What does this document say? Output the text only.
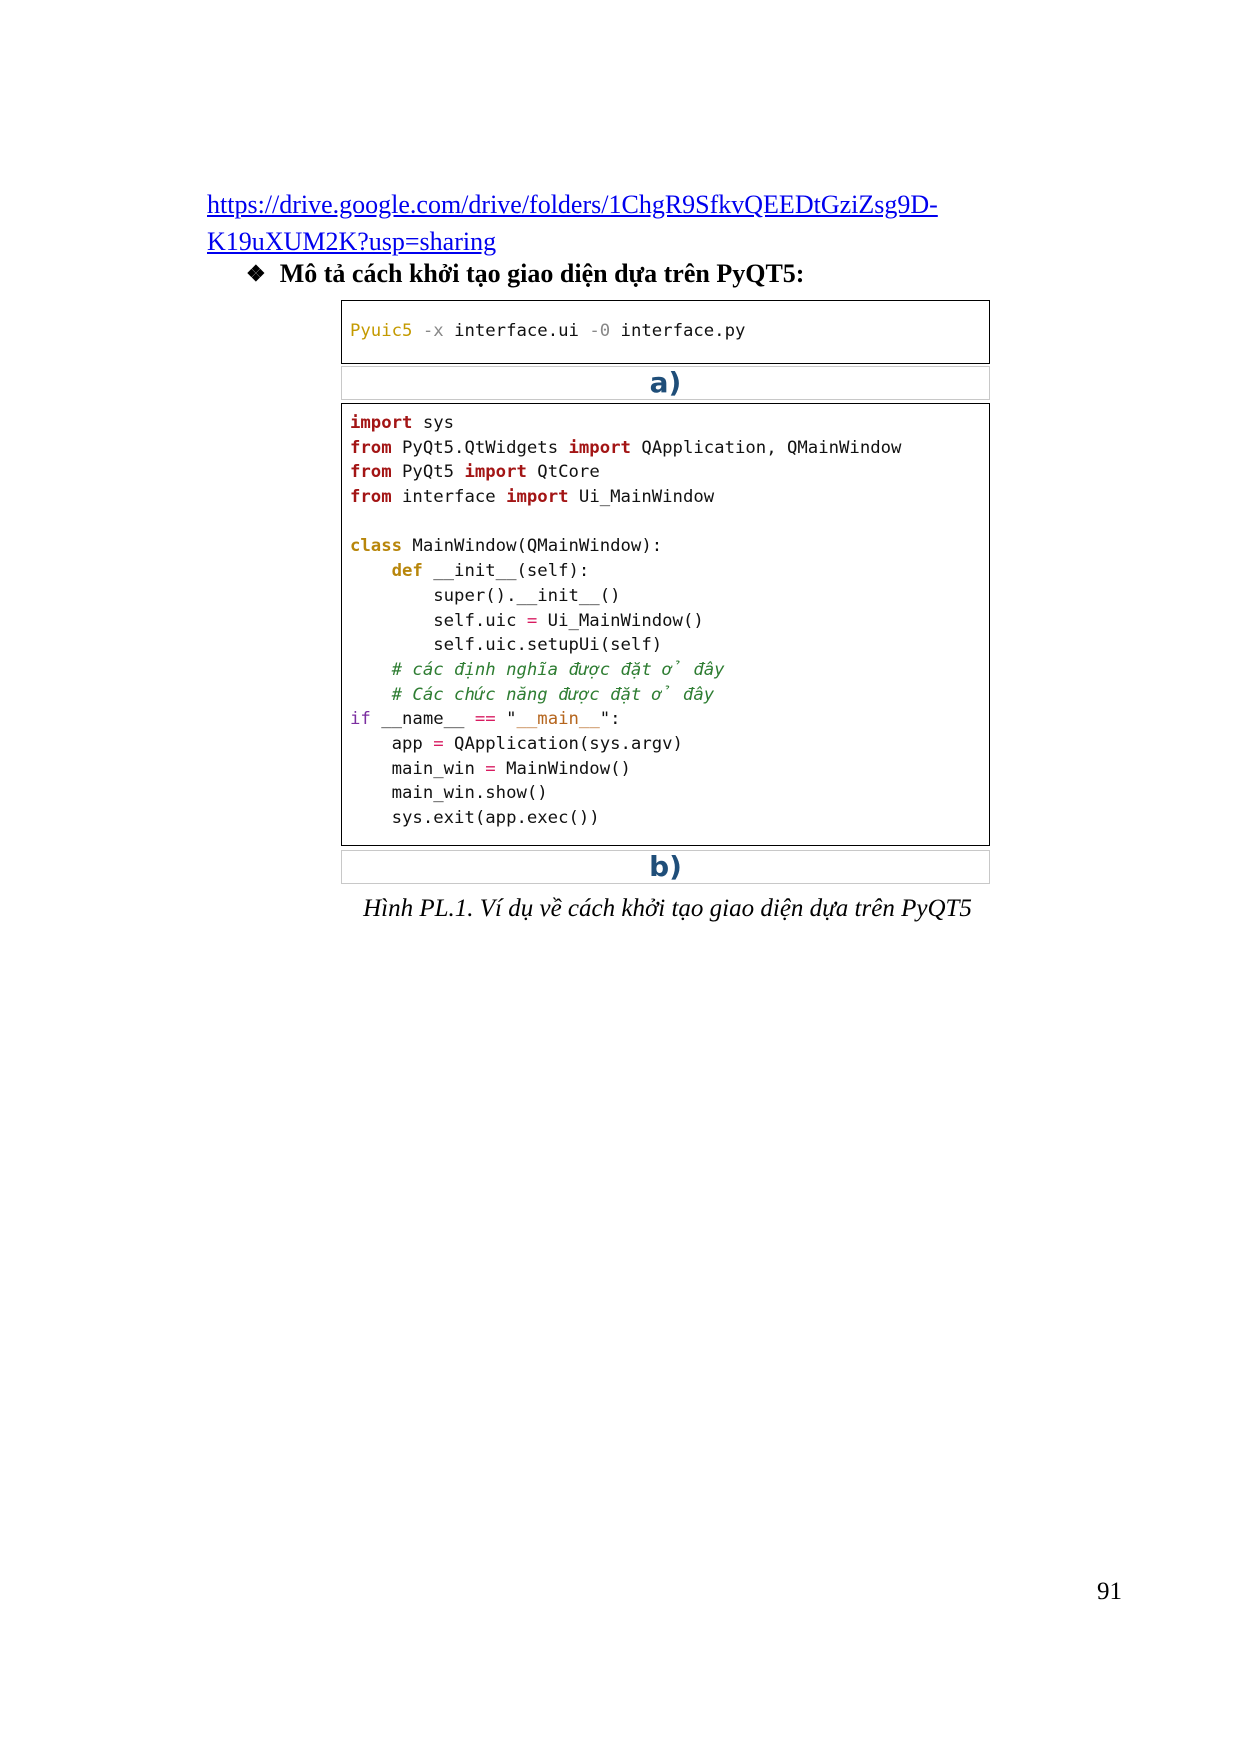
https://drive.google.com/drive/folders/1ChgR9SfkvQEEDtGziZsg9D-
K19uXUM2K?usp=sharing
❖ Mô tả cách khởi tạo giao diện dựa trên PyQT5:
Pyuic5 -x interface.ui -0 interface.py
a)
import sys
from PyQt5.QtWidgets import QApplication, QMainWindow
from PyQt5 import QtCore
from interface import Ui_MainWindow
class MainWindow(QMainWindow):
def __init__(self):
super().__init__()
self.uic = Ui_MainWindow()
self.uic.setupUi(self)
# các định nghĩa được đặt ở đây
# Các chức năng được đặt ở đây
if __name__ == "__main__":
app = QApplication(sys.argv)
main_win = MainWindow()
main_win.show()
sys.exit(app.exec())
b)
Hình PL.1. Ví dụ về cách khởi tạo giao diện dựa trên PyQT5
91
